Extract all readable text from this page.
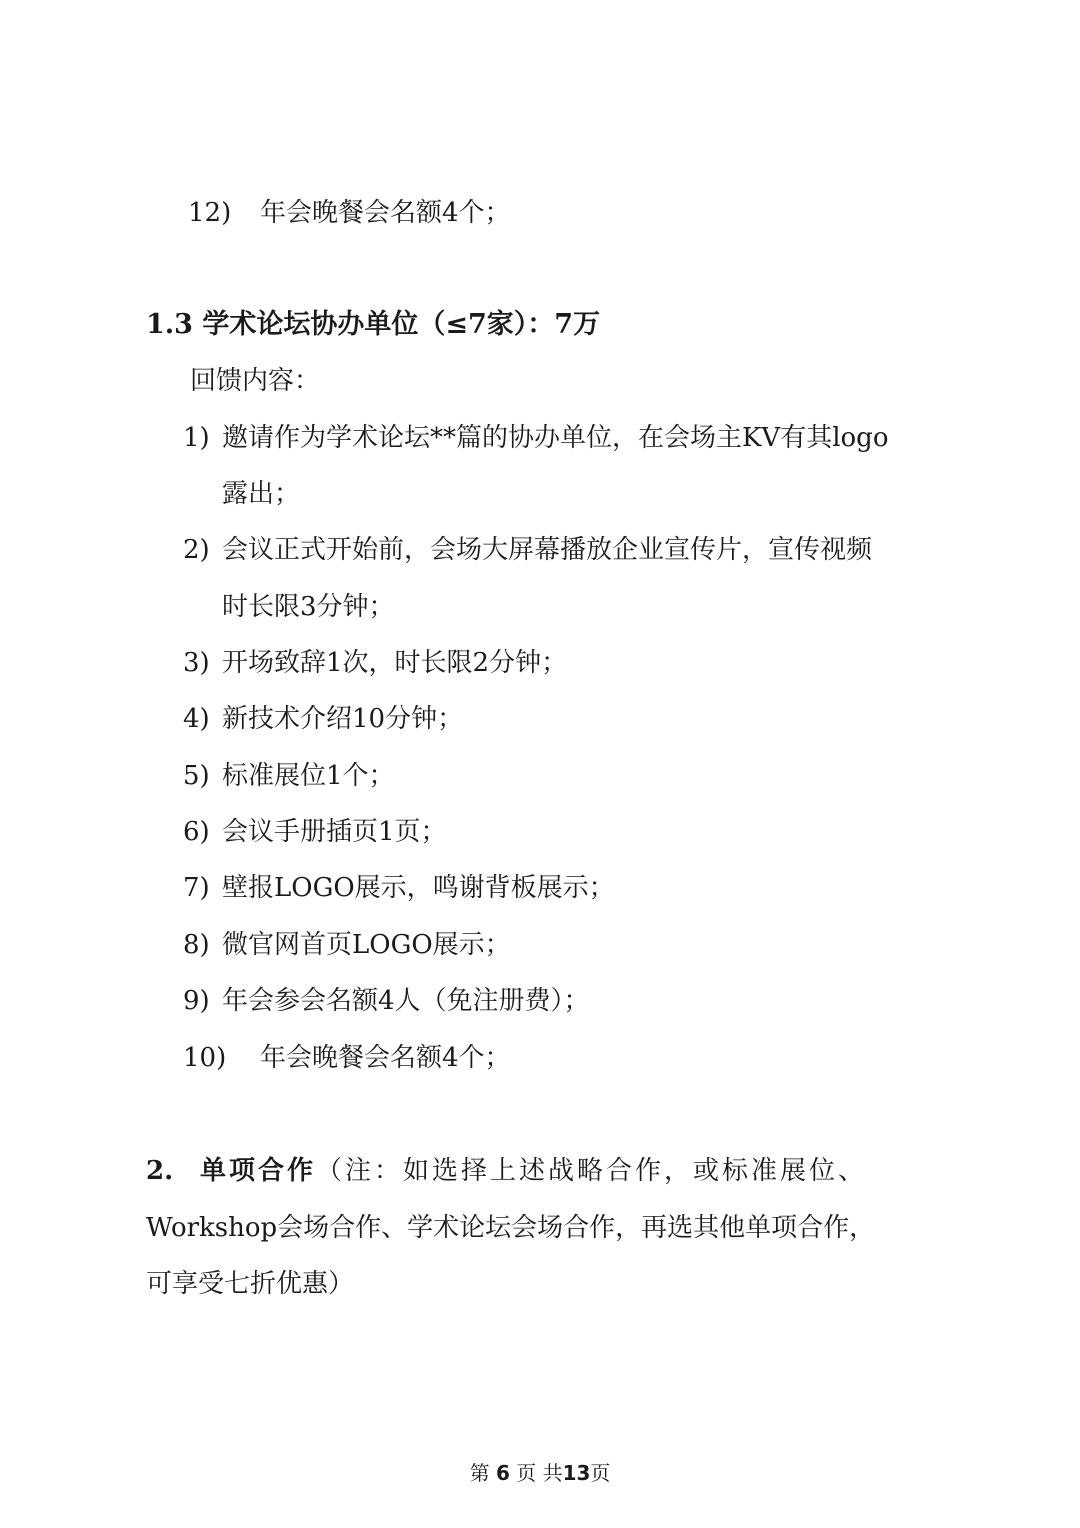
12) 年会晚餐会名额4个；
1.3 学术论坛协办单位（≤7家）：7万
回馈内容：
1) 邀请作为学术论坛**篇的协办单位，在会场主KV有其logo
露出；
2) 会议正式开始前，会场大屏幕播放企业宣传片，宣传视频
时长限3分钟；
3) 开场致辞1次，时长限2分钟；
4) 新技术介绍10分钟；
5) 标准展位1个；
6) 会议手册插页1页；
7) 壁报LOGO展示，鸣谢背板展示；
8) 微官网首页LOGO展示；
9) 年会参会名额4人（免注册费）；
10) 年会晚餐会名额4个；
2. 单项合作（注：如选择上述战略合作，或标准展位、
Workshop会场合作、学术论坛会场合作，再选其他单项合作，
可享受七折优惠）
第 6 页 共13页
